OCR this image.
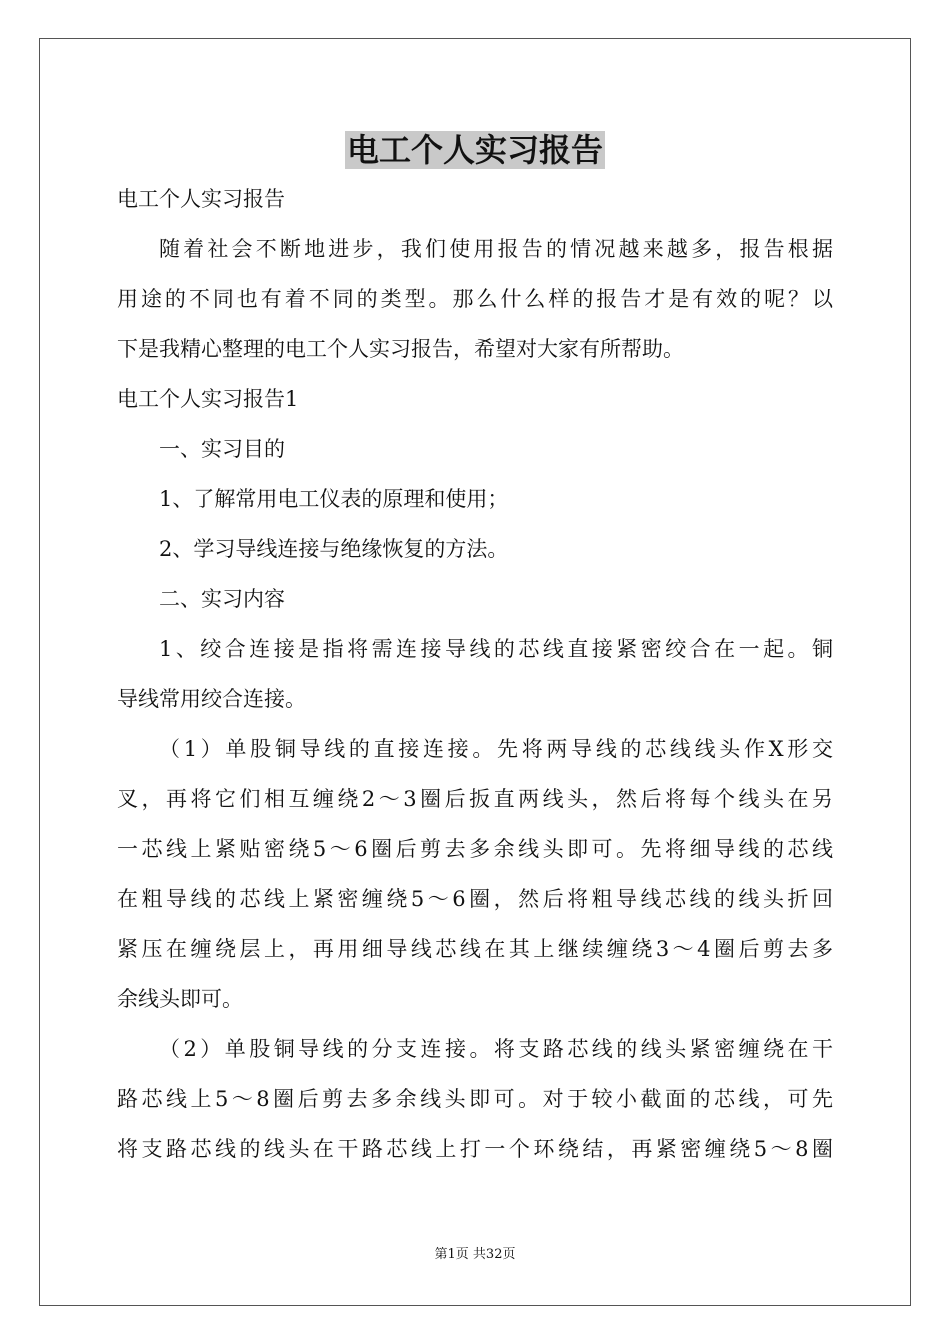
电工个人实习报告
电工个人实习报告
随着社会不断地进步，我们使用报告的情况越来越多，报告根据
用途的不同也有着不同的类型。那么什么样的报告才是有效的呢？以
下是我精心整理的电工个人实习报告，希望对大家有所帮助。
电工个人实习报告1
一、实习目的
1、了解常用电工仪表的原理和使用；
2、学习导线连接与绝缘恢复的方法。
二、实习内容
1、绞合连接是指将需连接导线的芯线直接紧密绞合在一起。铜
导线常用绞合连接。
（1）单股铜导线的直接连接。先将两导线的芯线线头作X形交
叉，再将它们相互缠绕2～3圈后扳直两线头，然后将每个线头在另
一芯线上紧贴密绕5～6圈后剪去多余线头即可。先将细导线的芯线
在粗导线的芯线上紧密缠绕5～6圈，然后将粗导线芯线的线头折回
紧压在缠绕层上，再用细导线芯线在其上继续缠绕3～4圈后剪去多
余线头即可。
（2）单股铜导线的分支连接。将支路芯线的线头紧密缠绕在干
路芯线上5～8圈后剪去多余线头即可。对于较小截面的芯线，可先
将支路芯线的线头在干路芯线上打一个环绕结，再紧密缠绕5～8圈
第1页 共32页
